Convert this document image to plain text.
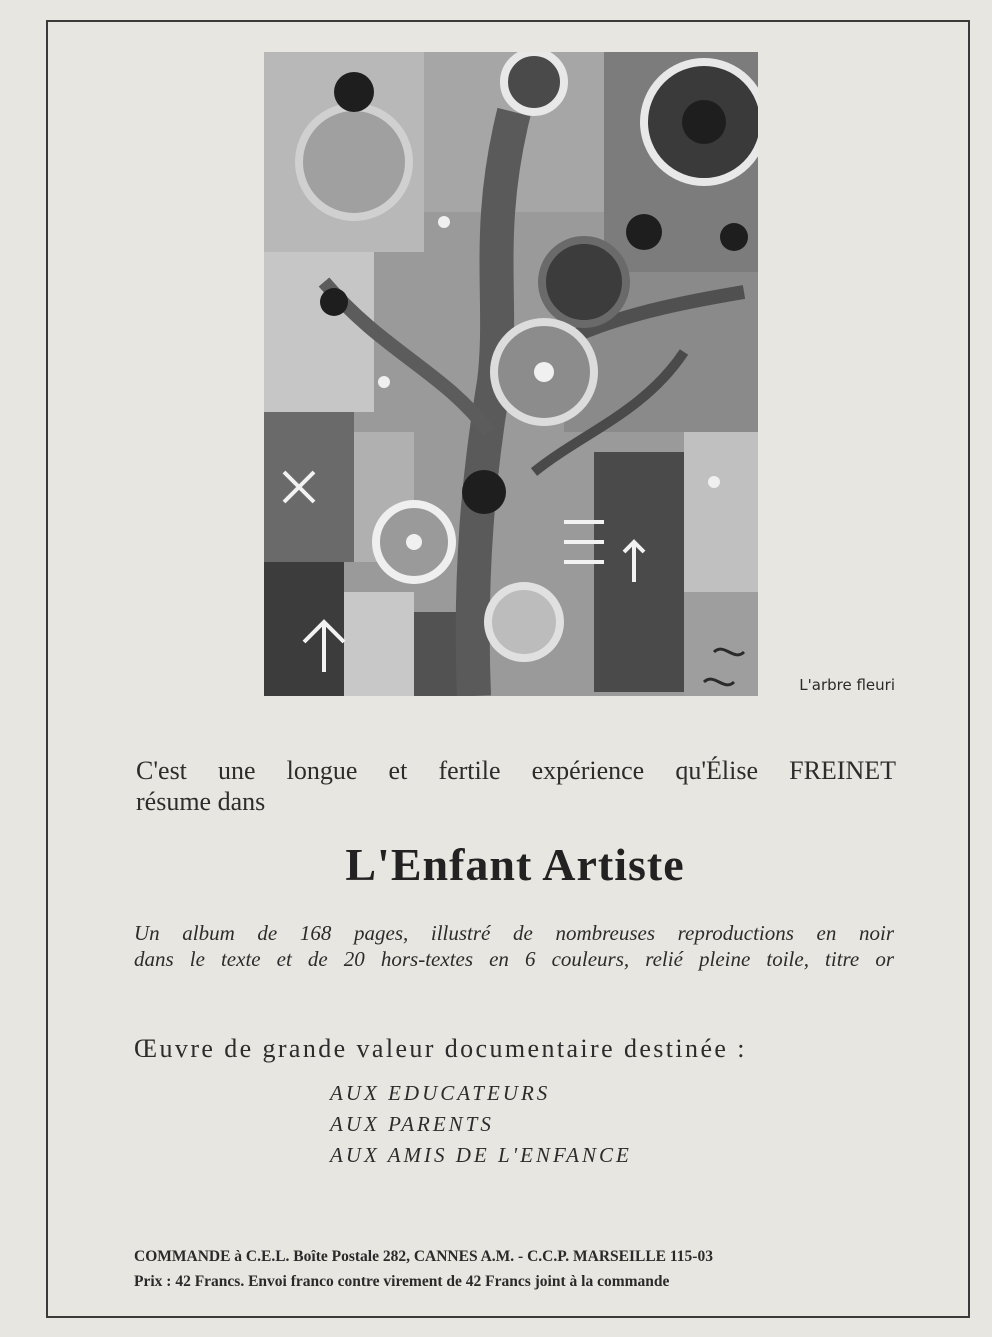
L'arbre fleuri
C'est une longue et fertile expérience qu'Élise FREINET
résume dans
L'Enfant Artiste
Un album de 168 pages, illustré de nombreuses reproductions en noir
dans le texte et de 20 hors-textes en 6 couleurs, relié pleine toile, titre or
Œuvre de grande valeur documentaire destinée :
AUX EDUCATEURS
AUX PARENTS
AUX AMIS DE L'ENFANCE
COMMANDE à C.E.L. Boîte Postale 282, CANNES A.M. - C.C.P. MARSEILLE 115-03
Prix : 42 Francs. Envoi franco contre virement de 42 Francs joint à la commande
